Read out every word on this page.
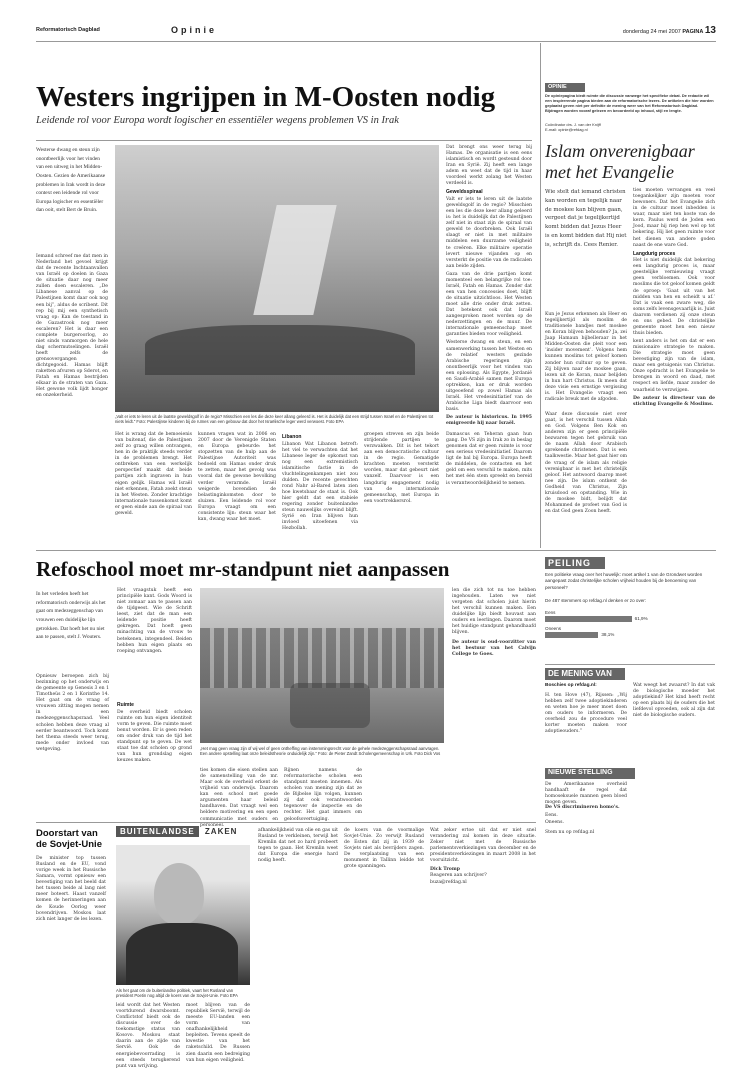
Reformatorisch Dagblad	Opinie	donderdag 24 mei 2007 PAGINA 13
Westers ingrijpen in M-Oosten nodig
Leidende rol voor Europa wordt logischer en essentiëler wegens problemen VS in Irak
Westerse dwang en steun zijn onontbeerlijk voor het vinden van een uitweg in het Midden-Oosten. Gezien de Amerikaanse problemen in Irak wordt in deze context een leidende rol voor Europa logischer en essentiëler dan ooit, stelt Bert de Bruin.
Iemand schreef me dat men in Nederland het gevoel krijgt dat de recente Inchtaanvallen van Israël op doelen in Gaza de situatie daar nog meer zullen doen escaleren. „De Libanese aanval op de Palestijnen komt daar ook nog een bij”, aldus de scribent. Dit rep bij mij een synthetisch vraag op: Kan de toestand in de Gazastrook nog meer escaleren? Het is daar een complete burgeroorlog, zo niet sinds vanmorgen de hele dag schermutselingen. Israël heeft zelfs de grensovergangen dichtgegooid. Hamas blijft raketten afvuren op Sderot, en Fatah en Hamas bestrijden elkaar in de straten van Gaza. Het gewone volk lijdt honger en onzekerheid.
„Valt er iets te leren uit de laatste geweldsgolf in de regio? Misschien een les die deze keer allang geleerd is. Het is duidelijk dat een strijd tussen Israël en de Palestijnen tot niets leidt.” Foto: Palestijnse kinderen bij de ruïnes van een gebouw dat door het Israëlische leger werd verwoest. Foto EPA
Het is wrang dat de bemoeienis van buitenaf, die de Palestijnen zelf zo graag willen ontvangen, hen in de praktijk steeds verder in de problemen brengt. Het ontbreken van een werkelijk perspectief maakt dat beide partijen zich ingraven in hun eigen gelijk. Hamas wil Israël niet erkennen, Fatah zoekt steun in het Westen. Zonder krachtige internationale tussenkomst komt er geen einde aan de spiraal van geweld.
kunnen vragen wat in 2006 en 2007 door de Verenigde Staten en Europa gebeurde: het stopzetten van de hulp aan de Palestijnse Autoriteit was bedoeld om Hamas onder druk te zetten, maar het gevolg was vooral dat de gewone bevolking verder verarmde. Israël weigerde bovendien de belastinginkomsten door te sluizen. Een leidende rol voor Europa vraagt om een consistente lijn: steun waar het kan, dwang waar het moet.
Libanon
Libanon Wat Libanon betreft: het viel te verwachten dat het Libanese leger de opkomst van nog een extremistisch islamitische factie in de vluchtelingenkampen niet zou dulden. De recente gevechten rond Nahr al-Bared laten zien hoe kwetsbaar de staat is. Ook hier geldt dat een stabiele regering zonder buitenlandse steun nauwelijks overeind blijft. Syrië en Iran blijven hun invloed uitoefenen via Hezbollah.
groepen streven en zijn beide strijdende partijen te verzwakken. Dit is het tekort aan een democratische cultuur in de regio. Gematigde krachten moeten versterkt worden, maar dat gebeurt niet vanzelf. Daarvoor is een langdurig engagement nodig van de internationale gemeenschap, met Europa in een voortrekkersrol.
Damascus en Teheran gaan hun gang. De VS zijn in Irak zo in beslag genomen dat er geen ruimte is voor een serieus vredesinitiatief. Daarom ligt de bal bij Europa. Europa heeft de middelen, de contacten en het geld om een verschil te maken, mits het met één stem spreekt en bereid is verantwoordelijkheid te nemen.
Dat brengt ons weer terug bij Hamas. De organisatie is een eens islamistisch en wordt gesteund door Iran en Syrië. Zij heeft een lange adem en weet dat de tijd in haar voordeel werkt zolang het Westen verdeeld is.
Geweldsspiraal
Valt er iets te leren uit de laatste geweldsgolf in de regio? Misschien een les die deze keer allang geleerd is: het is duidelijk dat de Palestijnen zelf niet in staat zijn de spiraal van geweld te doorbreken. Ook Israël slaagt er niet in met militaire middelen een duurzame veiligheid te creëren. Elke militaire operatie levert nieuwe vijanden op en versterkt de positie van de radicalen aan beide zijden.
Gaza van de drie partijen komt momenteel een belangrijke rol toe: Israël, Fatah en Hamas. Zonder dat een van hen concessies doet, blijft de situatie uitzichtloos. Het Westen moet alle drie onder druk zetten. Dat betekent ook dat Israël aangesproken moet worden op de nederzettingen en de muur. De internationale gemeenschap moet garanties bieden voor veiligheid.
Westerse dwang en steun, en een samenwerking tussen het Westen en de relatief westers gezinde Arabische regeringen zijn onontbeerlijk voor het vinden van een oplossing. Als Egypte, Jordanië en Saudi-Arabië samen met Europa optrekken, kan er druk worden uitgeoefend op zowel Hamas als Israël. Het vredesinitiatief van de Arabische Liga biedt daarvoor een basis.
De auteur is historicus. In 1995 emigreerde hij naar Israël.
OPINIE
De opiniepagina biedt ruimte die discussie vanwege het specifieke debat. De redactie wil een inspirerende pagina bieden aan de reformatorische lezers. De artikelen die hier worden geplaatst geven niet per definitie de mening weer van het Reformatorisch Dagblad. Bijdragen worden vooraf gelezen en beoordeeld op inhoud, stijl en lengte.
Coördinator drs. J. van der Knijff
E-mail: opinie@refdag.nl
Islam onverenigbaar met het Evangelie
Wie stelt dat iemand christen kan worden en tegelijk naar de moskee kan blijven gaan, vergeet dat je tegelijkertijd komt bidden dat Jezus Heer is en komt bidden dat Hij niet is, schrijft ds. Cees Renier.
Kun je Jezus erkennen als Heer en tegelijkertijd als moslim de traditionele bandjes met moskee en Koran blijven behouden? Ja, zei Jaap Hamaun bijbelleraar in het Midden-Oosten die pleit voor een ‘insider movement’. Volgens hem kunnen moslims tot geloof komen zonder hun cultuur op te geven. Zij blijven naar de moskee gaan, lezen uit de Koran, maar belijden in hun hart Christus. Ik meen dat deze visie een ernstige vergissing is. Het Evangelie vraagt een radicale breuk met de afgoden.
Waar deze discussie niet over gaat, is het verschil tussen Allah en God. Volgens Ben Kok en anderen zijn er geen principiële bezwaren tegen het gebruik van de naam Allah door Arabisch sprekende christenen. Dat is een taalkwestie. Maar het gaat hier om de vraag of de islam als religie verenigbaar is met het christelijk geloof. Het antwoord daarop moet nee zijn. De islam ontkent de Godheid van Christus, Zijn kruisdood en opstanding. Wie in de moskee bidt, belijdt dat Mohammed de profeet van God is en dat God geen Zoon heeft.
ties moeten vervangen en veel toegankelijker zijn moeten voor bewoners. Dat het Evangelie zich in de cultuur moet inbedden is waar, maar niet ten koste van de kern. Paulus werd de Joden een Jood, maar hij riep hen wel op tot bekering. Hij liet geen ruimte voor het dienen van andere goden naast de ene ware God.
Langdurig proces
Het is niet duidelijk dat bekering een langdurig proces is, maar geestelijke vernieuwing vraagt geen verbloemen. Ook voor moslims die tot geloof komen geldt de oproep: ‘Gaat uit van het midden van hen en scheidt u af.’ Dat is vaak een zware weg, die soms zelfs levensgevaarlijk is. Juist daarom verdienen zij onze steun en ons gebed. De christelijke gemeente moet hen een nieuw thuis bieden.
kent anders is het om dat er een missionaire strategie te maken. Die strategie moet geen bevestiging zijn van de islam, maar een getuigenis van Christus. Onze opdracht is het Evangelie te brengen in woord en daad, met respect en liefde, maar zonder de waarheid te verzwijgen.
De auteur is directeur van de stichting Evangelie & Moslims.
Refoschool moet mr-standpunt niet aanpassen
In het verleden heeft het reformatorisch onderwijs als het gaat om medezeggenschap van vrouwen een duidelijke lijn getrokken. Dat hoeft het nu niet aan te passen, stelt J. Wouters.
Opnieuw beroepen zich bij bezinning op het onderwijs en de gemeente op Genesis 3 en 1 Timotheüs 2 en 1 Korinthe 14. Het gaat om de vraag of vrouwen zitting mogen nemen in een medezeggenschapsraad. Veel scholen hebben deze vraag al eerder beantwoord. Toch komt het thema steeds weer terug, mede onder invloed van wetgeving.
Het vraagstuk heeft een principiële kant. Gods Woord is niet zomaar aan te passen aan de tijdgeest. Wie de Schrift leest, ziet dat de man een leidende positie heeft gekregen. Dat hoeft geen minachting van de vrouw te betekenen, integendeel. Beiden hebben hun eigen plaats en roeping ontvangen.
Ruimte
De overheid biedt scholen ruimte om hun eigen identiteit vorm te geven. Die ruimte moet benut worden. Er is geen reden om onder druk van de tijd het standpunt op te geven. De wet staat toe dat scholen op grond van hun grondslag eigen keuzes maken.
„Het mag geen vraag zijn of wij wel of geen ontheffing van instemmingsrecht voor de gehele medezeggenschapsraad aanvragen. Een andere opstelling laat onze beleidstheorie onduidelijk zijn.” Foto: de Pieter Zandt Scholengemeenschap in Urk. Foto Dick Vos
ties komen die eisen stellen aan de samenstelling van de mr. Maar ook de overheid erkent de vrijheid van onderwijs. Daarom kan een school met goede argumenten haar beleid handhaven. Dat vraagt wel een heldere motivering en een open communicatie met ouders en personeel.
Rijnen namens de reformatorische scholen een standpunt moeten innemen. Als scholen van mening zijn dat ze de Bijbelse lijn volgen, kunnen zij dat ook verantwoorden tegenover de inspectie en de rechter. Het gaat immers om geloofsovertuiging.
len die zich tot nu toe hebben ingehouden. Laten we niet vergeten dat scholen juist hierin het verschil kunnen maken. Een duidelijke lijn biedt houvast aan ouders en leerlingen. Daarom moet het huidige standpunt gehandhaafd blijven.
De auteur is oud-voorzitter van het bestuur van het Calvijn College te Goes.
Doorstart van de Sovjet-Unie
De minister top tussen Rusland en de EU, vond vorige week in het Russische Samara, vormt opnieuw een bevestiging van het beeld dat het tussen beide al lang niet meer boteert. Haast vanzelf komen de herinneringen aan de Koude Oorlog weer bovendrijven. Moskou laat zich niet langer de les lezen.
BUITENLANDSE ZAKEN
Als het gaat om de buitenlandse politiek, vaart het Rusland van president Poetin nog altijd de koers van de Sovjet-Unie. Foto EPA
leid wordt dat het Westen voortdurend dwarsboomt. Conflictstof biedt ook de discussie over de toekomstige status van Kosovo. Moskou staat daarin aan de zijde van Servië. Ook de energiebevoorrading is een steeds terugkerend punt van wrijving.
moet blijven van de republiek Servië, terwijl de meeste EU-landen een vorm van onafhankelijkheid bepleiten. Tevens speelt de kwestie van het raketschild. De Russen zien daarin een bedreiging van hun eigen veiligheid.
afhankelijkheid van olie en gas uit Rusland te verkleinen, terwijl het Kremlin dat net zo hard probeert tegen te gaan. Het Kremlin weet dat Europa die energie hard nodig heeft.
de koers van de voormalige Sovjet-Unie. Zo verwijt Rusland de Esten dat zij in 1939 de Sovjets niet als bevrijders zagen. De verplaatsing van een monument in Tallinn leidde tot grote spanningen.
Wat zeker ertoe uit dat er niet snel verandering zal komen in deze situatie. Zeker niet met de Russische parlementsverkiezingen van december en de presidentsverkiezingen in maart 2008 in het vooruitzicht.
Dick Tromp
Reageren aan schrijver?
buza@refdag.nl
PEILING
Een politieke vraag over het huwelijk: moet artikel 1 van de Grondwet worden aangepast zodat christelijke scholen vrijheid houden bij de benoeming van personeel?
De 487 stemmers op refdag.nl denken er zo over:
Eens
61,9%
Oneens
38,1%
DE MENING VAN
Boschies op refdag.nl:
H. ten Hove (47), Rijssen: „Wij hebben zelf twee adoptiekinderen en weten hoe je meer moet doen om ouders te informeren. De overheid zou de procedure veel korter moeten maken voor adoptieouders.”
Wat weegt het zwaarst? In dat vak de biologische moeder het adoptiekind? Het kind heeft recht op een plaats bij de ouders die het liefdevol opvoeden, ook al zijn dat niet de biologische ouders.
NIEUWE STELLING
De Amerikaanse overheid handhaaft de regel dat homoseksuele mannen geen bloed mogen geven.
De VS discrimineren homo's.
Eens.
Oneens.
Stem nu op refdag.nl
